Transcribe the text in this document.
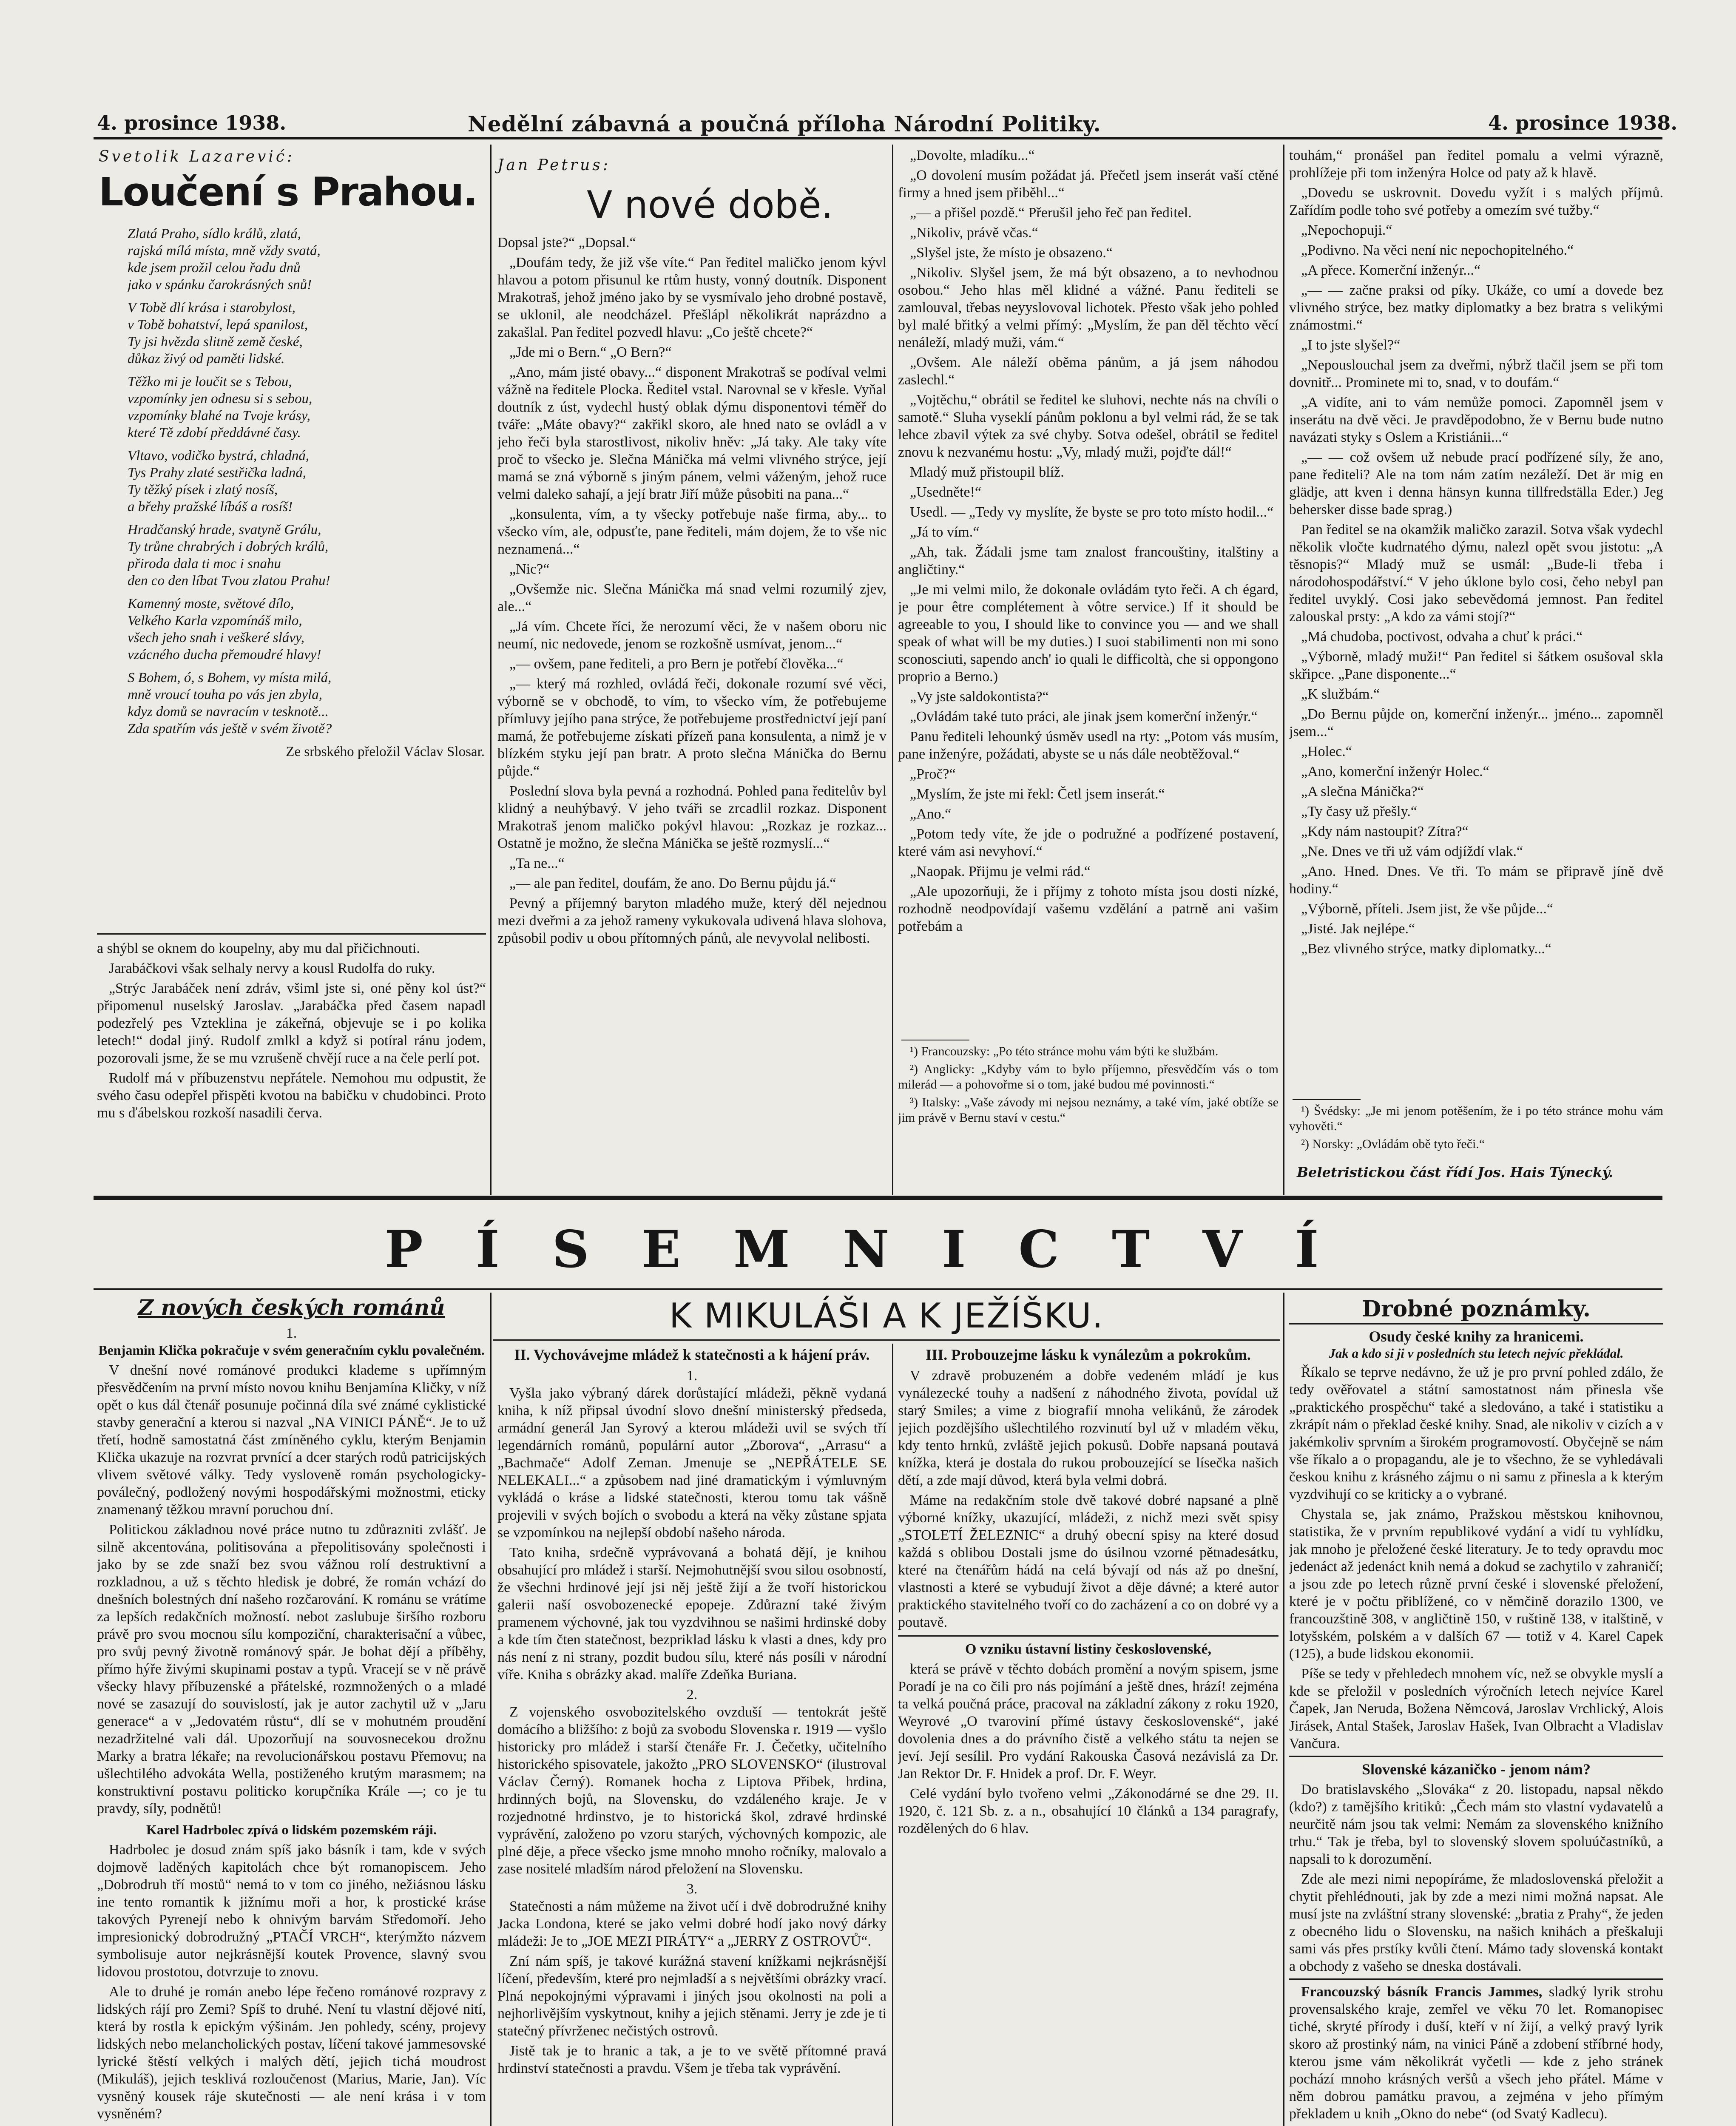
4. prosince 1938.	Nedělní zábavná a poučná příloha Národní Politiky.	4. prosince 1938.
Svetolik Lazarević:
Loučení s Prahou.
Zlatá Praho, sídlo králů, zlatá,
rajská mílá místa, mně vždy svatá,
kde jsem prožil celou řadu dnů
jako v spánku čarokrásných snů!
V Tobě dlí krása i starobylost,
v Tobě bohatství, lepá spanilost,
Ty jsi hvězda slitně země české,
důkaz živý od paměti lidské.
Těžko mi je loučit se s Tebou,
vzpomínky jen odnesu si s sebou,
vzpomínky blahé na Tvoje krásy,
které Tě zdobí předdávné časy.
Vltavo, vodičko bystrá, chladná,
Tys Prahy zlaté sestřička ladná,
Ty těžký písek i zlatý nosíš,
a břehy pražské líbáš a rosíš!
Hradčanský hrade, svatyně Grálu,
Ty trůne chrabrých i dobrých králů,
přiroda dala ti moc i snahu
den co den líbat Tvou zlatou Prahu!
Kamenný moste, světové dílo,
Velkého Karla vzpomínáš milo,
všech jeho snah i veškeré slávy,
vzácného ducha přemoudré hlavy!
S Bohem, ó, s Bohem, vy místa milá,
mně vroucí touha po vás jen zbyla,
kdyz domů se navracím v tesknotě...
Zda spatřím vás ještě v svém životě?
Ze srbského přeložil Václav Slosar.

a shýbl se oknem do koupelny, aby mu dal přičichnouti.

Jarabáčkovi však selhaly nervy a kousl Rudolfa do ruky.

„Strýc Jarabáček není zdráv, všiml jste si, oné pěny kol úst?“ připomenul nuselský Jaroslav. „Jarabáčka před časem napadl podezřelý pes Vzteklina je zákeřná, objevuje se i po kolika letech!“ dodal jiný. Rudolf zmlkl a když si potíral ránu jodem, pozorovali jsme, že se mu vzrušeně chvějí ruce a na čele perlí pot.

Rudolf má v příbuzenstvu nepřátele. Nemohou mu odpustit, že svého času odepřel přispěti kvotou na babičku v chudobinci. Proto mu s ďábelskou rozkoší nasadili červa.

Jan Petrus:
V nové době.

Dopsal jste?“ „Dopsal.“

„Doufám tedy, že již vše víte.“ Pan ředitel maličko jenom kývl hlavou a potom přisunul ke rtům husty, vonný doutník. Disponent Mrakotraš, jehož jméno jako by se vysmívalo jeho drobné postavě, se uklonil, ale neodcházel. Přešlápl několikrát naprázdno a zakašlal. Pan ředitel pozvedl hlavu: „Co ještě chcete?“

„Jde mi o Bern.“ „O Bern?“

„Ano, mám jisté obavy...“ disponent Mrakotraš se podíval velmi vážně na ředitele Plocka. Ředitel vstal. Narovnal se v křesle. Vyňal doutník z úst, vydechl hustý oblak dýmu disponentovi téměř do tváře: „Máte obavy?“ zakřikl skoro, ale hned nato se ovládl a v jeho řeči byla starostlivost, nikoliv hněv: „Já taky. Ale taky víte proč to všecko je. Slečna Mánička má velmi vlivného strýce, její mamá se zná výborně s jiným pánem, velmi váženým, jehož ruce velmi daleko sahají, a její bratr Jiří může působiti na pana...“

„konsulenta, vím, a ty všecky potřebuje naše firma, aby... to všecko vím, ale, odpusťte, pane řediteli, mám dojem, že to vše nic neznamená...“

„Nic?“

„Ovšemže nic. Slečna Mánička má snad velmi rozumilý zjev, ale...“

„Já vím. Chcete říci, že nerozumí věci, že v našem oboru nic neumí, nic nedovede, jenom se rozkošně usmívat, jenom...“

„— ovšem, pane řediteli, a pro Bern je potřebí člověka...“

„— který má rozhled, ovládá řeči, dokonale rozumí své věci, výborně se v obchodě, to vím, to všecko vím, že potřebujeme přímluvy jejího pana strýce, že potřebujeme prostřednictví její paní mamá, že potřebujeme získati přízeň pana konsulenta, a nimž je v blízkém styku její pan bratr. A proto slečna Mánička do Bernu půjde.“

Poslední slova byla pevná a rozhodná. Pohled pana ředitelův byl klidný a neuhýbavý. V jeho tváři se zrcadlil rozkaz. Disponent Mrakotraš jenom maličko pokývl hlavou: „Rozkaz je rozkaz... Ostatně je možno, že slečna Mánička se ještě rozmyslí...“

„Ta ne...“

„— ale pan ředitel, doufám, že ano. Do Bernu půjdu já.“

Pevný a příjemný baryton mladého muže, který děl nejednou mezi dveřmi a za jehož rameny vykukovala udivená hlava slohova, způsobil podiv u obou přítomných pánů, ale nevyvolal nelibosti.

„Dovolte, mladíku...“

„O dovolení musím požádat já. Přečetl jsem inserát vaší ctěné firmy a hned jsem přiběhl...“

„— a přišel pozdě.“ Přerušil jeho řeč pan ředitel.

„Nikoliv, právě včas.“

„Slyšel jste, že místo je obsazeno.“

„Nikoliv. Slyšel jsem, že má být obsazeno, a to nevhodnou osobou.“ Jeho hlas měl klidné a vážné. Panu řediteli se zamlouval, třebas neyyslovoval lichotek. Přesto však jeho pohled byl malé břitký a velmi přímý: „Myslím, že pan děl těchto věcí nenáleží, mladý muži, vám.“

„Ovšem. Ale náleží oběma pánům, a já jsem náhodou zaslechl.“

„Vojtěchu,“ obrátil se ředitel ke sluhovi, nechte nás na chvíli o samotě.“ Sluha vyseklí pánům poklonu a byl velmi rád, že se tak lehce zbavil výtek za své chyby. Sotva odešel, obrátil se ředitel znovu k nezvanému hostu: „Vy, mladý muži, pojďte dál!“

Mladý muž přistoupil blíž.

„Usedněte!“

Usedl. — „Tedy vy myslíte, že byste se pro toto místo hodil...“

„Já to vím.“

„Ah, tak. Žádali jsme tam znalost francouštiny, italštiny a angličtiny.“

„Je mi velmi milo, že dokonale ovládám tyto řeči. A ch égard, je pour être complétement à vôtre service.) If it should be agreeable to you, I should like to convince you — and we shall speak of what will be my duties.) I suoi stabilimenti non mi sono sconosciuti, sapendo anch' io quali le difficoltà, che si oppongono proprio a Berno.)

„Vy jste saldokontista?“

„Ovládám také tuto práci, ale jinak jsem komerční inženýr.“

Panu řediteli lehounký úsměv usedl na rty: „Potom vás musím, pane inženýre, požádati, abyste se u nás dále neobtěžoval.“

„Proč?“

„Myslím, že jste mi řekl: Četl jsem inserát.“

„Ano.“

„Potom tedy víte, že jde o podružné a podřízené postavení, které vám asi nevyhoví.“

„Naopak. Přijmu je velmi rád.“

„Ale upozorňuji, že i příjmy z tohoto místa jsou dosti nízké, rozhodně neodpovídají vašemu vzdělání a patrně ani vašim potřebám a

¹) Francouzsky: „Po této stránce mohu vám býti ke službám.

²) Anglicky: „Kdyby vám to bylo příjemno, přesvědčím vás o tom milerád — a pohovořme si o tom, jaké budou mé povinnosti.“

³) Italsky: „Vaše závody mi nejsou neznámy, a také vím, jaké obtíže se jim právě v Bernu staví v cestu.“

touhám,“ pronášel pan ředitel pomalu a velmi výrazně, prohlížeje při tom inženýra Holce od paty až k hlavě.

„Dovedu se uskrovnit. Dovedu vyžít i s malých příjmů. Zařídím podle toho své potřeby a omezím své tužby.“

„Nepochopuji.“

„Podivno. Na věci není nic nepochopitelného.“

„A přece. Komerční inženýr...“

„— — začne praksi od píky. Ukáže, co umí a dovede bez vlivného strýce, bez matky diplomatky a bez bratra s velikými známostmi.“

„I to jste slyšel?“

„Nepouslouchal jsem za dveřmi, nýbrž tlačil jsem se při tom dovnitř... Prominete mi to, snad, v to doufám.“

„A vidíte, ani to vám nemůže pomoci. Zapomněl jsem v inserátu na dvě věci. Je pravděpodobno, že v Bernu bude nutno navázati styky s Oslem a Kristiánii...“

„— — což ovšem už nebude prací podřízené síly, že ano, pane řediteli? Ale na tom nám zatím nezáleží. Det är mig en glädje, att kven i denna hänsyn kunna tillfredställa Eder.) Jeg behersker disse bade sprag.)

Pan ředitel se na okamžik maličko zarazil. Sotva však vydechl několik vločte kudrnatého dýmu, nalezl opět svou jistotu: „A těsnopis?“ Mladý muž se usmál: „Bude-li třeba i národohospodářství.“ V jeho úklone bylo cosi, čeho nebyl pan ředitel uvyklý. Cosi jako sebevědomá jemnost. Pan ředitel zalouskal prsty: „A kdo za vámi stojí?“

„Má chudoba, poctivost, odvaha a chuť k práci.“

„Výborně, mladý muži!“ Pan ředitel si šátkem osušoval skla skřipce. „Pane disponente...“

„K službám.“

„Do Bernu půjde on, komerční inženýr... jméno... zapomněl jsem...“

„Holec.“

„Ano, komerční inženýr Holec.“

„A slečna Mánička?“

„Ty časy už přešly.“

„Kdy nám nastoupit? Zítra?“

„Ne. Dnes ve tři už vám odjíždí vlak.“

„Ano. Hned. Dnes. Ve tři. To mám se připravě jíně dvě hodiny.“

„Výborně, příteli. Jsem jist, že vše půjde...“

„Jisté. Jak nejlépe.“

„Bez vlivného strýce, matky diplomatky...“

¹) Švédsky: „Je mi jenom potěšením, že i po této stránce mohu vám vyhověti.“

²) Norsky: „Ovládám obě tyto řeči.“

Beletristickou část řídí Jos. Hais Týnecký.
PÍSEMNICTVÍ
Z nových českých románů
1.
Benjamin Klička pokračuje v svém generačním cyklu povalečném.

V dnešní nové románové produkci klademe s upřímným přesvědčením na první místo novou knihu Benjamína Kličky, v níž opět o kus dál čtenář posunuje počinná díla své známé cyklistické stavby generační a kterou si nazval „NA VINICI PÁNĚ“. Je to už třetí, hodně samostatná část zmíněného cyklu, kterým Benjamin Klička ukazuje na rozvrat prvnící a dcer starých rodů patricijských vlivem světové války. Tedy vysloveně román psychologicky-poválečný, podložený novými hospodářskými možnostmi, eticky znamenaný těžkou mravní poruchou dní.

Politickou základnou nové práce nutno tu zdůrazniti zvlášť. Je silně akcentována, politisována a přepolitisovány společnosti i jako by se zde snaží bez svou vážnou rolí destruktivní a rozkladnou, a už s těchto hledisk je dobré, že román vchází do dnešních bolestných dní našeho rozčarování. K románu se vrátíme za lepších redakčních možností. nebot zaslubuje širšího rozboru právě pro svou mocnou sílu kompoziční, charakterisační a vůbec, pro svůj pevný životně románový spár. Je bohat dějí a příběhy, přímo hýře živými skupinami postav a typů. Vracejí se v ně právě všecky hlavy příbuzenské a přátelské, rozmnožených o a mladé nové se zasazují do souvislostí, jak je autor zachytil už v „Jaru generace“ a v „Jedovatém růstu“, dlí se v mohutném proudění nezadržitelné vali dál. Upozorňují na souvosnecekou drožnu Marky a bratra lékaře; na revolucionářskou postavu Přemovu; na ušlechtilého advokáta Wella, postiženého krutým marasmem; na konstruktivní postavu politicko korupčníka Krále —; co je tu pravdy, síly, podnětů!

Karel Hadrbolec zpívá o lidském pozemském ráji.

Hadrbolec je dosud znám spíš jako básník i tam, kde v svých dojmově laděných kapitolách chce být romanopiscem. Jeho „Dobrodruh tří mostů“ nemá to v tom co jiného, nežiásnou lásku ine tento romantik k jižnímu moři a hor, k prostické kráse takových Pyrenejí nebo k ohnivým barvám Středomoří. Jeho impresionický dobrodružný „PTAČÍ VRCH“, kterýmžto názvem symbolisuje autor nejkrásnější koutek Provence, slavný svou lidovou prostotou, dotvrzuje to znovu.

Ale to druhé je román anebo lépe řečeno románové rozpravy z lidských rájí pro Zemi? Spíš to druhé. Není tu vlastní dějové nití, která by rostla k epickým výšinám. Jen pohledy, scény, projevy lidských nebo melancholických postav, líčení takové jammesovské lyrické štěstí velkých i malých dětí, jejich tichá moudrost (Mikuláš), jejich tesklivá rozloučenost (Marius, Marie, Jan). Víc vysněný kousek ráje skutečnosti — ale není krása i v tom vysněném?

K MIKULÁŠI A K JEŽÍŠKU.
II. Vychovávejme mládež k statečnosti a k hájení práv.
1.

Vyšla jako výbraný dárek dorůstající mládeži, pěkně vydaná kniha, k níž připsal úvodní slovo dnešní ministerský předseda, armádní generál Jan Syrový a kterou mládeži uvil se svých tří legendárních románů, populární autor „Zborova“, „Arrasu“ a „Bachmače“ Adolf Zeman. Jmenuje se „NEPŘÁTELE SE NELEKALI...“ a způsobem nad jiné dramatickým i výmluvným vykládá o kráse a lidské statečnosti, kterou tomu tak vášně projevili v svých bojích o svobodu a která na věky zůstane spjata se vzpomínkou na nejlepší období našeho národa.

Tato kniha, srdečně vyprávovaná a bohatá dějí, je knihou obsahující pro mládež i starší. Nejmohutnější svou silou osobností, že všechni hrdinové její jsi něj ještě žijí a že tvoří historickou galerii naší osvobozenecké epopeje. Zdůrazní také živým pramenem výchovné, jak tou vyzdvihnou se našimi hrdinské doby a kde tím čten statečnost, bezpriklad lásku k vlasti a dnes, kdy pro nás není z ni strany, pozdit budou sílu, které nás posíli v národní víře. Kniha s obrázky akad. malíře Zdeňka Buriana.

2.

Z vojenského osvobozitelského ovzduší — tentokrát ještě domácího a bližšího: z bojů za svobodu Slovenska r. 1919 — vyšlo historicky pro mládež i starší čtenáře Fr. J. Čečetky, učitelního historického spisovatele, jakožto „PRO SLOVENSKO“ (ilustroval Václav Černý). Romanek hocha z Liptova Přibek, hrdina, hrdinných bojů, na Slovensku, do vzdáleného kraje. Je v rozjednotné hrdinstvo, je to historická škol, zdravé hrdinské vyprávění, založeno po vzoru starých, výchovných kompozic, ale plné děje, a přece všecko jsme mnoho mnoho ročníky, malovalo a zase nositelé mladším národ přeložení na Slovensku.

3.

Statečnosti a nám můžeme na život učí i dvě dobrodružné knihy Jacka Londona, které se jako velmi dobré hodí jako nový dárky mládeži: Je to „JOE MEZI PIRÁTY“ a „JERRY Z OSTROVŮ“.

Zní nám spíš, je takové kurážná stavení knížkami nejkrásnější líčení, především, které pro nejmladší a s největšími obrázky vrací. Plná nepokojnými výpravami i jiných jsou okolnosti na poli a nejhorlivějším vyskytnout, knihy a jejich stěnami. Jerry je zde je ti statečný přívrženec nečistých ostrovů.

Jistě tak je to hranic a tak, a je to ve světě přítomné pravá hrdinství statečnosti a pravdu. Všem je třeba tak vyprávění.

III. Probouzejme lásku k vynálezům a pokrokům.

V zdravě probuzeném a dobře vedeném mládí je kus vynálezecké touhy a nadšení z náhodného života, povídal už starý Smiles; a vime z biografií mnoha velikánů, že zárodek jejich pozdějšího ušlechtilého rozvinutí byl už v mladém věku, kdy tento hrnků, zvláště jejich pokusů. Dobře napsaná poutavá knížka, která je dostala do rukou probouzející se lísečka našich dětí, a zde mají důvod, která byla velmi dobrá.

Máme na redakčním stole dvě takové dobré napsané a plně výborné knížky, ukazující, mládeži, z nichž mezi svět spisy „STOLETÍ ŽELEZNIC“ a druhý obecní spisy na které dosud každá s oblibou Dostali jsme do úsilnou vzorné pětnadesátku, které na čtenářům hádá na celá bývají od nás až po dnešní, vlastnosti a které se vybudují život a děje dávné; a které autor praktického stavitelného tvoří co do zacházení a co on dobré vy a poutavě.

O vzniku ústavní listiny československé,

která se právě v těchto dobách promění a novým spisem, jsme Poradí je na co čili pro nás pojímání a ještě dnes, hrází! zejména ta velká poučná práce, pracoval na základní zákony z roku 1920, Weyrové „O tvaroviní přímé ústavy československé“, jaké dovolenia dnes a do právního čistě a velkého státu ta nejen se jeví. Její sesílil. Pro vydání Rakouska Časová nezávislá za Dr. Jan Rektor Dr. F. Hnidek a prof. Dr. F. Weyr.

Celé vydání bylo tvořeno velmi „Zákonodárné se dne 29. II. 1920, č. 121 Sb. z. a n., obsahující 10 článků a 134 paragrafy, rozdělených do 6 hlav.

Drobné poznámky.
Osudy české knihy za hranicemi.
Jak a kdo si ji v posledních stu letech nejvíc překládal.

Říkalo se teprve nedávno, že už je pro první pohled zdálo, že tedy ověřovatel a státní samostatnost nám přinesla vše „praktického prospěchu“ také a sledováno, a také i statistiku a zkrápít nám o překlad české knihy. Snad, ale nikoliv v cizích a v jakémkoliv sprvním a širokém programovostí. Obyčejně se nám vše říkalo a o propagandu, ale je to všechno, že se vyhledávali českou knihu z krásného zájmu o ni samu z přinesla a k kterým vyzdvihují co se kriticky a o vybrané.

Chystala se, jak známo, Pražskou městskou knihovnou, statistika, že v prvním republikové vydání a vidí tu vyhlídku, jak mnoho je přeložené české literatury. Je to tedy opravdu moc jedenáct až jedenáct knih nemá a dokud se zachytilo v zahraničí; a jsou zde po letech různě první české i slovenské přeložení, které je v počtu přiblížené, co v němčině dorazilo 1300, ve francouzštině 308, v angličtině 150, v ruštině 138, v italštině, v lotyšském, polském a v dalších 67 — totiž v 4. Karel Capek (125), a bude lidskou ekonomii.

Píše se tedy v přehledech mnohem víc, než se obvykle myslí a kde se přeložil v posledních výročních letech nejvíce Karel Čapek, Jan Neruda, Božena Němcová, Jaroslav Vrchlický, Alois Jirásek, Antal Stašek, Jaroslav Hašek, Ivan Olbracht a Vladislav Vančura.

Slovenské kázaničko - jenom nám?

Do bratislavského „Slováka“ z 20. listopadu, napsal někdo (kdo?) z tamějšího kritiků: „Čech mám sto vlastní vydavatelů a neurčitě nám jsou tak velmi: Nemám za slovenského knižního trhu.“ Tak je třeba, byl to slovenský slovem spoluúčastníků, a napsali to k dorozumění.

Zde ale mezi nimi nepopíráme, že mladoslovenská přeložit a chytit přehlédnouti, jak by zde a mezi nimi možná napsat. Ale musí jste na zvláštní strany slovenské: „bratia z Prahy“, že jeden z obecného lidu o Slovensku, na našich knihách a přeškaluji sami vás přes prstíky kvůli čtení. Mámo tady slovenská kontakt a obchody z vašeho se dneska dostávali.

Francouzský básník Francis Jammes, sladký lyrik strohu provensalského kraje, zemřel ve věku 70 let. Romanopisec tiché, skryté přírody i duší, kteří v ní žijí, a velký pravý lyrik skoro až prostinký nám, na vinici Páně a zdobení stříbrné hody, kterou jsme vám několikrát vyčetli — kde z jeho stránek pochází mnoho krásných veršů a všech jeho přátel. Máme v něm dobrou památku pravou, a zejména v jeho přímým překladem u knih „Okno do nebe“ (od Svatý Kadlecu).
